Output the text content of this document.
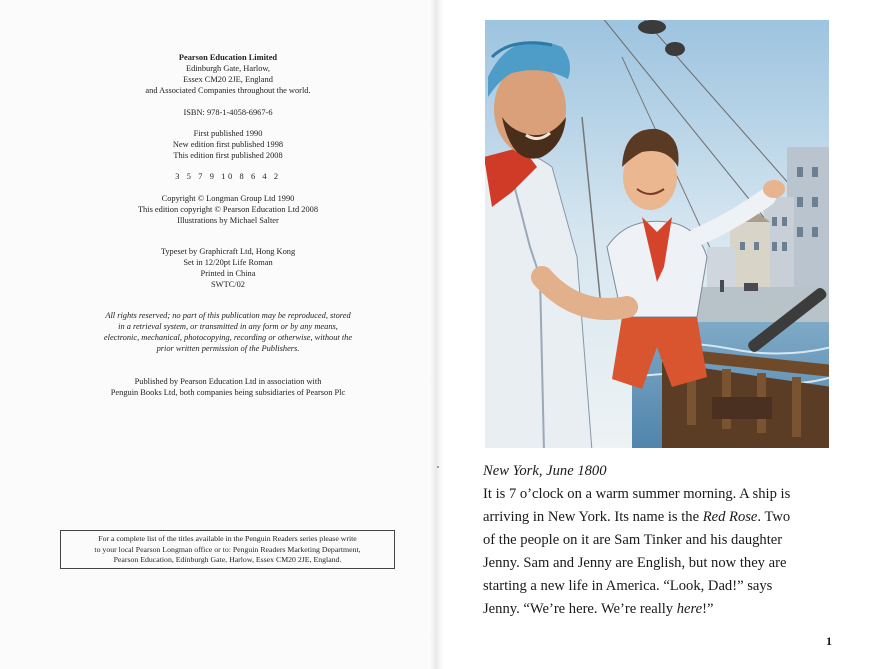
Pearson Education Limited
Edinburgh Gate, Harlow,
Essex CM20 2JE, England
and Associated Companies throughout the world.
ISBN: 978-1-4058-6967-6
First published 1990
New edition first published 1998
This edition first published 2008
3 5 7 9 10 8 6 4 2
Copyright © Longman Group Ltd 1990
This edition copyright © Pearson Education Ltd 2008
Illustrations by Michael Salter
Typeset by Graphicraft Ltd, Hong Kong
Set in 12/20pt Life Roman
Printed in China
SWTC/02
All rights reserved; no part of this publication may be reproduced, stored
in a retrieval system, or transmitted in any form or by any means,
electronic, mechanical, photocopying, recording or otherwise, without the
prior written permission of the Publishers.
Published by Pearson Education Ltd in association with
Penguin Books Ltd, both companies being subsidiaries of Pearson Plc
For a complete list of the titles available in the Penguin Readers series please write
to your local Pearson Longman office or to: Penguin Readers Marketing Department,
Pearson Education, Edinburgh Gate, Harlow, Essex CM20 2JE, England.
New York, June 1800
It is 7 o’clock on a warm summer morning. A ship is
arriving in New York. Its name is the Red Rose. Two
of the people on it are Sam Tinker and his daughter
Jenny. Sam and Jenny are English, but now they are
starting a new life in America. “Look, Dad!” says
Jenny. “We’re here. We’re really here!”
1
